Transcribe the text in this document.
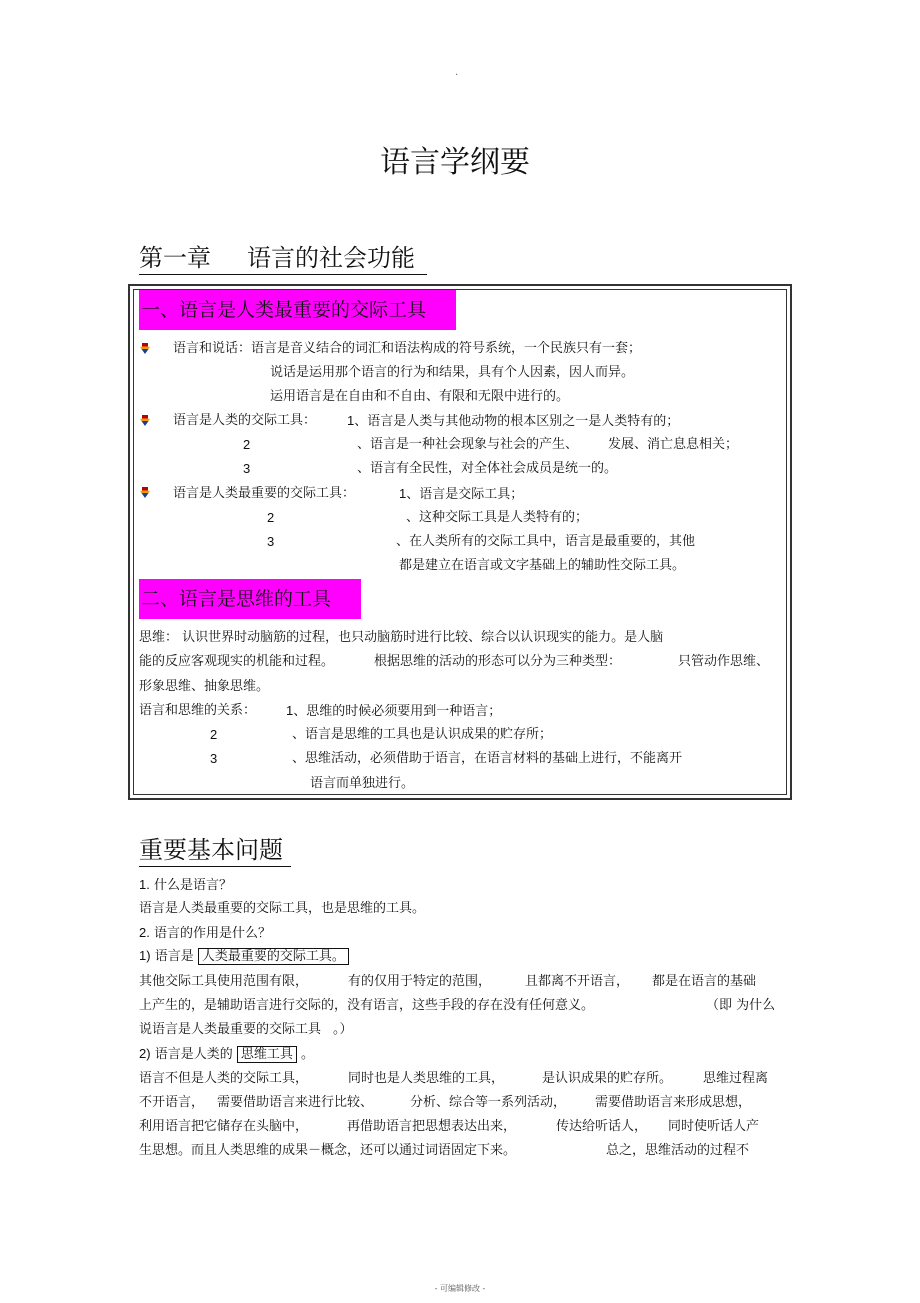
·
语言学纲要
第一章 语言的社会功能
一、语言是人类最重要的交际工具
语言和说话：语言是音义结合的词汇和语法构成的符号系统，一个民族只有一套；
说话是运用那个语言的行为和结果，具有个人因素，因人而异。
运用语言是在自由和不自由、有限和无限中进行的。
语言是人类的交际工具： 1、语言是人类与其他动物的根本区别之一是人类特有的；
2	、语言是一种社会现象与社会的产生、 发展、消亡息息相关；
3	、语言有全民性，对全体社会成员是统一的。
语言是人类最重要的交际工具：	1、语言是交际工具；
2	、这种交际工具是人类特有的；
3	、在人类所有的交际工具中，语言是最重要的，其他
都是建立在语言或文字基础上的辅助性交际工具。
二、语言是思维的工具
思维： 认识世界时动脑筋的过程，也只动脑筋时进行比较、综合以认识现实的能力。是人脑
能的反应客观现实的机能和过程。	根据思维的活动的形态可以分为三种类型：	只管动作思维、
形象思维、抽象思维。
语言和思维的关系： 1、思维的时候必须要用到一种语言；
2	、语言是思维的工具也是认识成果的贮存所；
3	、思维活动，必须借助于语言，在语言材料的基础上进行，不能离开
语言而单独进行。
重要基本问题
1. 什么是语言？
语言是人类最重要的交际工具，也是思维的工具。
2. 语言的作用是什么？
1) 语言是 人类最重要的交际工具。
其他交际工具使用范围有限，	有的仅用于特定的范围，	且都离不开语言， 都是在语言的基础
上产生的，是辅助语言进行交际的，没有语言，这些手段的存在没有任何意义。	（即 为什么
说语言是人类最重要的交际工具 。）
2) 语言是人类的 思维工具 。
语言不但是人类的交际工具，	同时也是人类思维的工具，	是认识成果的贮存所。 思维过程离
不开语言， 需要借助语言来进行比较、	分析、综合等一系列活动， 需要借助语言来形成思想，
利用语言把它储存在头脑中，	再借助语言把思想表达出来，	传达给听话人， 同时使听话人产
生思想。而且人类思维的成果－概念，还可以通过词语固定下来。	总之，思维活动的过程不
- 可编辑修改 -
